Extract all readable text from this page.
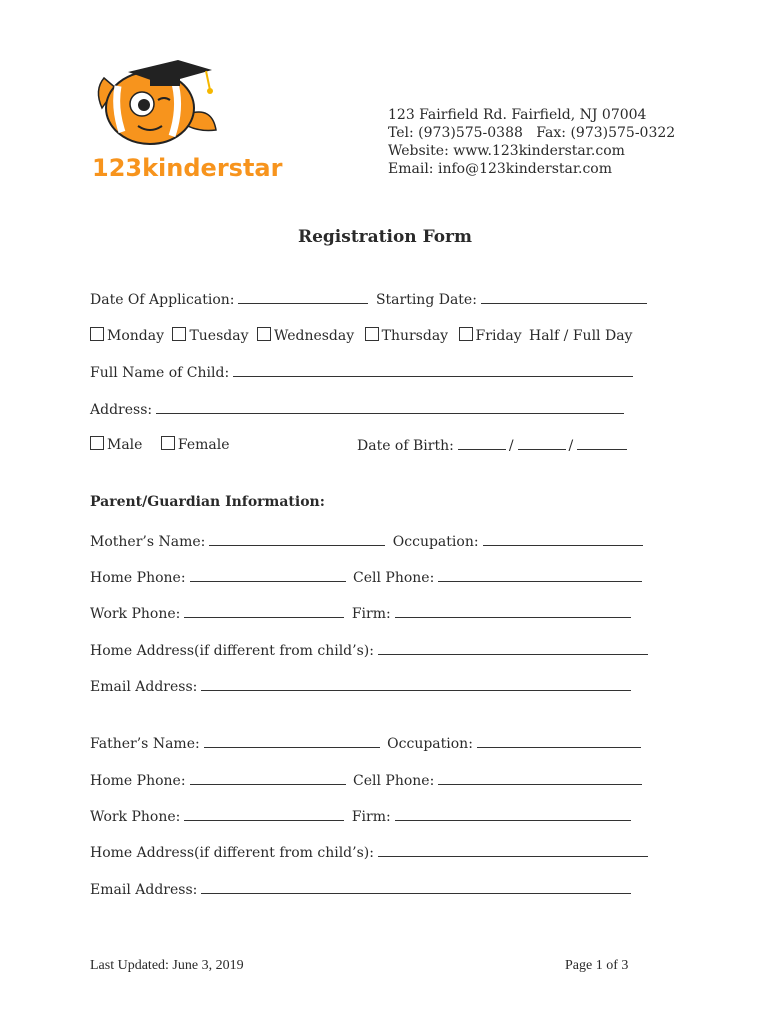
123kinderstar
123 Fairfield Rd. Fairfield, NJ 07004
Tel: (973)575-0388 Fax: (973)575-0322
Website: www.123kinderstar.com
Email: info@123kinderstar.com
Registration Form
Date Of Application:	Starting Date:
Monday Tuesday Wednesday Thursday Friday Half / Full Day
Full Name of Child:
Address:
Male	Female	Date of Birth:	/	/
Parent/Guardian Information:
Mother’s Name:	Occupation:
Home Phone:	Cell Phone:
Work Phone:	Firm:
Home Address(if different from child’s):
Email Address:
Father’s Name:	Occupation:
Home Phone:	Cell Phone:
Work Phone:	Firm:
Home Address(if different from child’s):
Email Address:
Last Updated: June 3, 2019	Page 1 of 3
